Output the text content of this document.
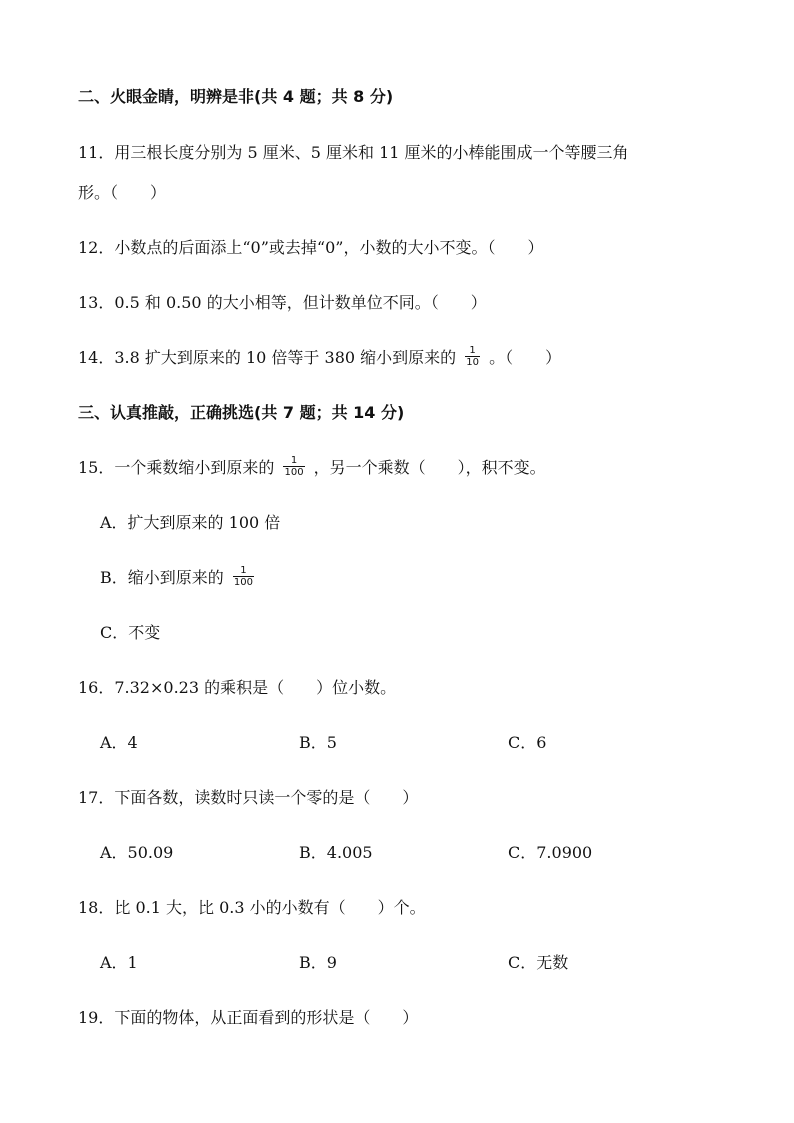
二、火眼金睛，明辨是非(共 4 题；共 8 分)
11．用三根长度分别为 5 厘米、5 厘米和 11 厘米的小棒能围成一个等腰三角
形。（　　）
12．小数点的后面添上“0”或去掉“0”，小数的大小不变。（　　）
13．0.5 和 0.50 的大小相等，但计数单位不同。（　　）
14．3.8 扩大到原来的 10 倍等于 380 缩小到原来的 $\frac{1}{10}$ 。（　　）
三、认真推敲，正确挑选(共 7 题；共 14 分)
15．一个乘数缩小到原来的 $\frac{1}{100}$ ，另一个乘数（　　），积不变。
A．扩大到原来的 100 倍
B．缩小到原来的 $\frac{1}{100}$
C．不变
16．7.32×0.23 的乘积是（　　）位小数。
A．4	B．5	C．6
17．下面各数，读数时只读一个零的是（　　）
A．50.09	B．4.005	C．7.0900
18．比 0.1 大，比 0.3 小的小数有（　　）个。
A．1	B．9	C．无数
19．下面的物体，从正面看到的形状是（　　）
